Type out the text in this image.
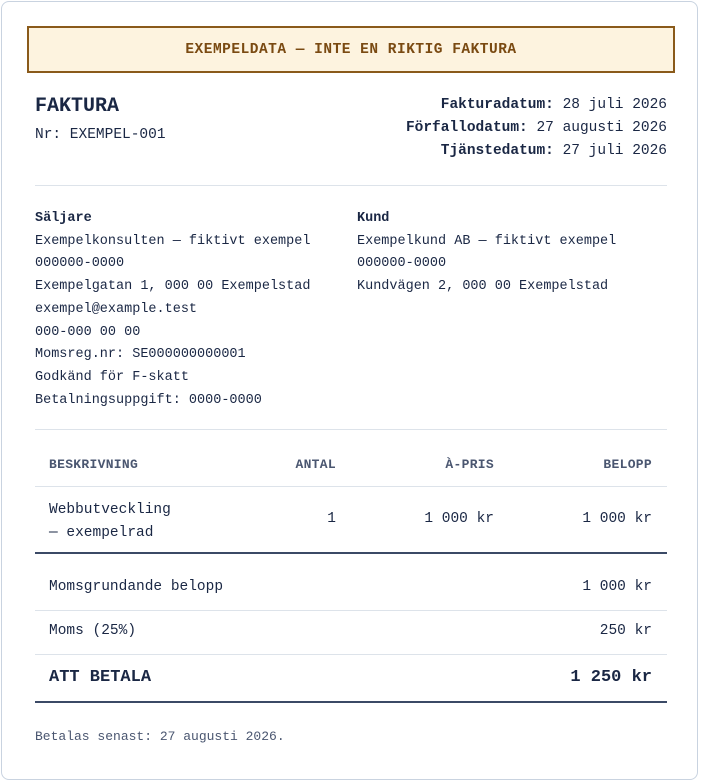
EXEMPELDATA — INTE EN RIKTIG FAKTURA
FAKTURA
Nr: EXEMPEL-001
Fakturadatum: 28 juli 2026
Förfallodatum: 27 augusti 2026
Tjänstedatum: 27 juli 2026
Säljare
Exempelkonsulten — fiktivt exempel
000000-0000
Exempelgatan 1, 000 00 Exempelstad
exempel@example.test
000-000 00 00
Momsreg.nr: SE000000000001
Godkänd för F-skatt
Betalningsuppgift: 0000-0000
Kund
Exempelkund AB — fiktivt exempel
000000-0000
Kundvägen 2, 000 00 Exempelstad
BESKRIVNING	ANTAL	À-PRIS	BELOPP
Webbutveckling
— exempelrad
1	1 000 kr	1 000 kr
Momsgrundande belopp	1 000 kr
Moms (25%)	250 kr
ATT BETALA	1 250 kr
Betalas senast: 27 augusti 2026.
